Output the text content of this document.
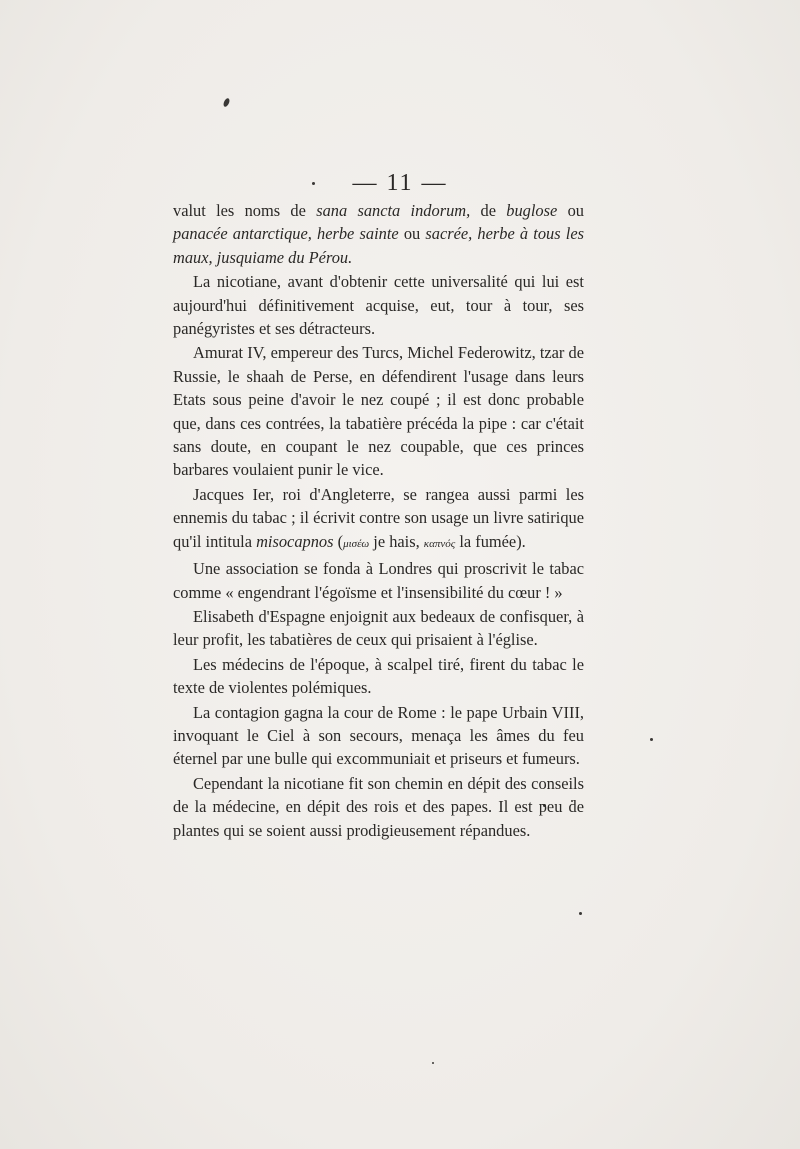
— 11 —

valut les noms de sana sancta indorum, de buglose ou panacée antarctique, herbe sainte ou sacrée, herbe à tous les maux, jusquiame du Pérou.

La nicotiane, avant d'obtenir cette universalité qui lui est aujourd'hui définitivement acquise, eut, tour à tour, ses panégyristes et ses détracteurs.

Amurat IV, empereur des Turcs, Michel Federowitz, tzar de Russie, le shaah de Perse, en défendirent l'usage dans leurs Etats sous peine d'avoir le nez coupé ; il est donc probable que, dans ces contrées, la tabatière précéda la pipe : car c'était sans doute, en coupant le nez coupable, que ces princes barbares voulaient punir le vice.

Jacques Ier, roi d'Angleterre, se rangea aussi parmi les ennemis du tabac ; il écrivit contre son usage un livre satirique qu'il intitula misocapnos (μισέω je hais, καπνός la fumée).

Une association se fonda à Londres qui proscrivit le tabac comme « engendrant l'égoïsme et l'insensibilité du cœur ! »

Elisabeth d'Espagne enjoignit aux bedeaux de confisquer, à leur profit, les tabatières de ceux qui prisaient à l'église.

Les médecins de l'époque, à scalpel tiré, firent du tabac le texte de violentes polémiques.

La contagion gagna la cour de Rome : le pape Urbain VIII, invoquant le Ciel à son secours, menaça les âmes du feu éternel par une bulle qui excommuniait et priseurs et fumeurs.

Cependant la nicotiane fit son chemin en dépit des conseils de la médecine, en dépit des rois et des papes. Il est peu de plantes qui se soient aussi prodigieusement répandues.
